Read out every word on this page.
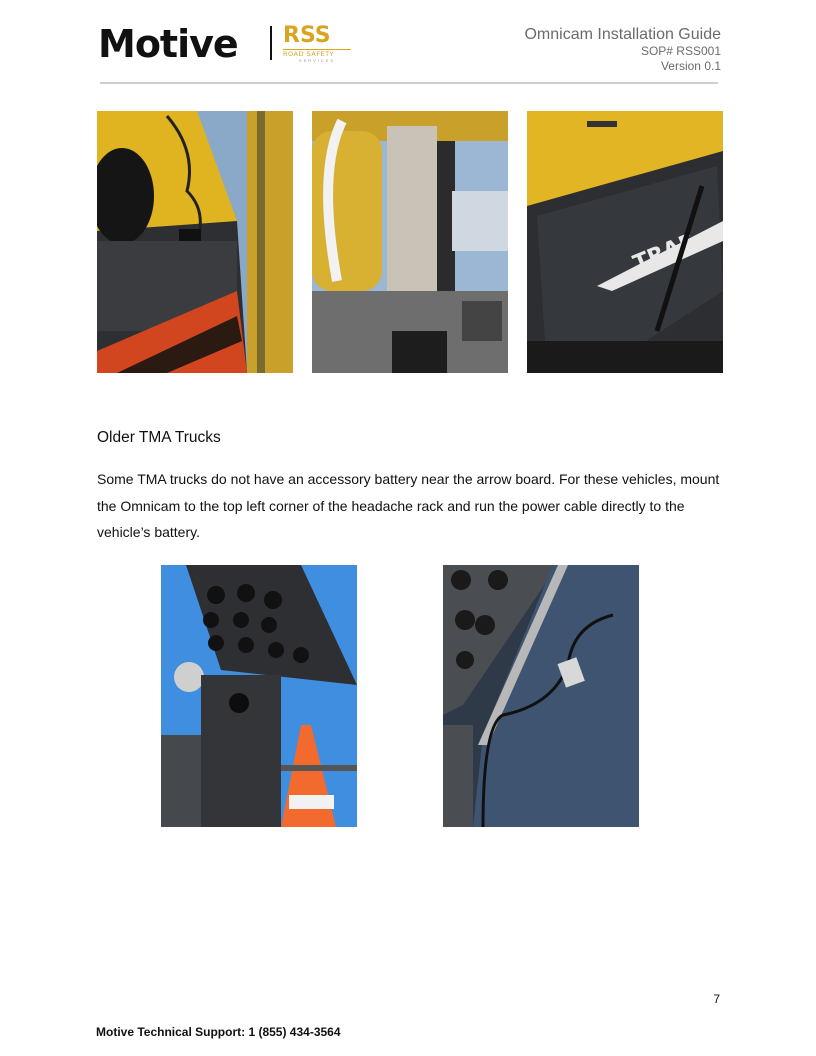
Motive RSS
ROAD SAFETY
SERVICES
Omnicam Installation Guide
SOP# RSS001
Version 0.1
TRAF
Older TMA Trucks
Some TMA trucks do not have an accessory battery near the arrow board. For these vehicles, mount the Omnicam to the top left corner of the headache rack and run the power cable directly to the vehicle’s battery.
7
Motive Technical Support: 1 (855) 434-3564
